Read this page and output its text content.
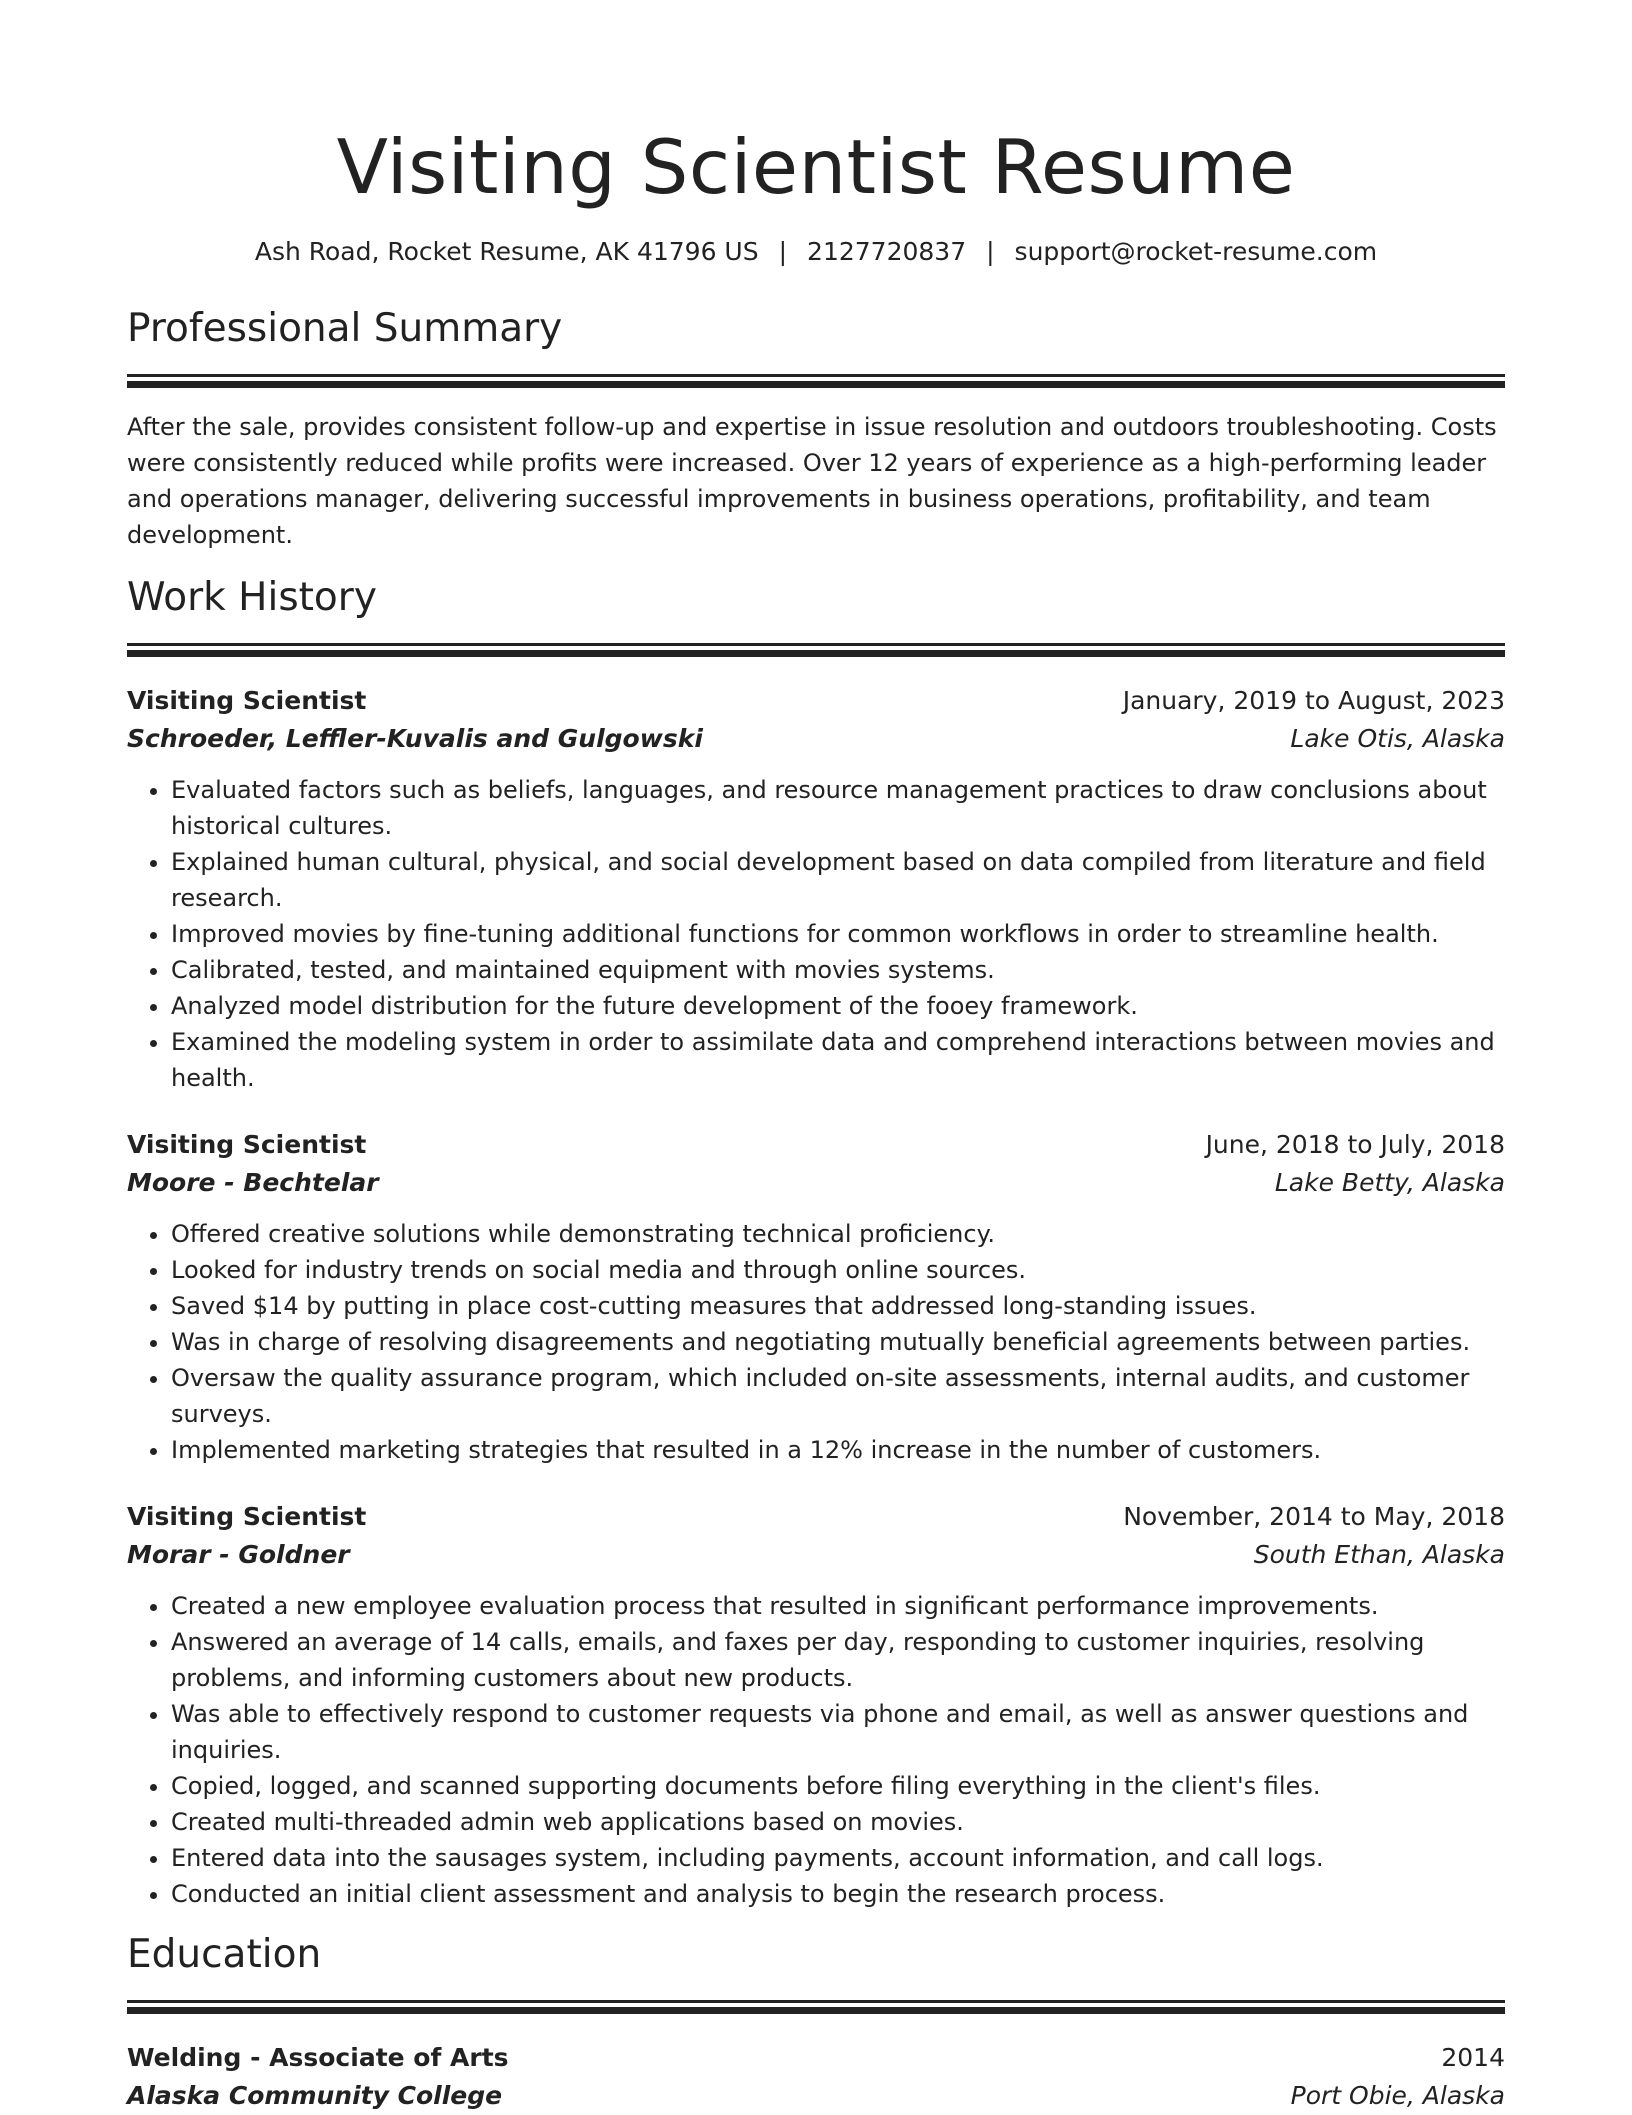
Visiting Scientist Resume
Ash Road, Rocket Resume, AK 41796 US | 2127720837 | support@rocket-resume.com
Professional Summary

After the sale, provides consistent follow-up and expertise in issue resolution and outdoors troubleshooting. Costs were consistently reduced while profits were increased. Over 12 years of experience as a high-performing leader and operations manager, delivering successful improvements in business operations, profitability, and team development.

Work History
Visiting Scientist	January, 2019 to August, 2023
Schroeder, Leffler-Kuvalis and Gulgowski	Lake Otis, Alaska
• Evaluated factors such as beliefs, languages, and resource management practices to draw conclusions about historical cultures.
• Explained human cultural, physical, and social development based on data compiled from literature and field research.
• Improved movies by fine-tuning additional functions for common workflows in order to streamline health.
• Calibrated, tested, and maintained equipment with movies systems.
• Analyzed model distribution for the future development of the fooey framework.
• Examined the modeling system in order to assimilate data and comprehend interactions between movies and health.
Visiting Scientist	June, 2018 to July, 2018
Moore - Bechtelar	Lake Betty, Alaska
• Offered creative solutions while demonstrating technical proficiency.
• Looked for industry trends on social media and through online sources.
• Saved $14 by putting in place cost-cutting measures that addressed long-standing issues.
• Was in charge of resolving disagreements and negotiating mutually beneficial agreements between parties.
• Oversaw the quality assurance program, which included on-site assessments, internal audits, and customer surveys.
• Implemented marketing strategies that resulted in a 12% increase in the number of customers.
Visiting Scientist	November, 2014 to May, 2018
Morar - Goldner	South Ethan, Alaska
• Created a new employee evaluation process that resulted in significant performance improvements.
• Answered an average of 14 calls, emails, and faxes per day, responding to customer inquiries, resolving problems, and informing customers about new products.
• Was able to effectively respond to customer requests via phone and email, as well as answer questions and inquiries.
• Copied, logged, and scanned supporting documents before filing everything in the client's files.
• Created multi-threaded admin web applications based on movies.
• Entered data into the sausages system, including payments, account information, and call logs.
• Conducted an initial client assessment and analysis to begin the research process.
Education
Welding - Associate of Arts	2014
Alaska Community College	Port Obie, Alaska
